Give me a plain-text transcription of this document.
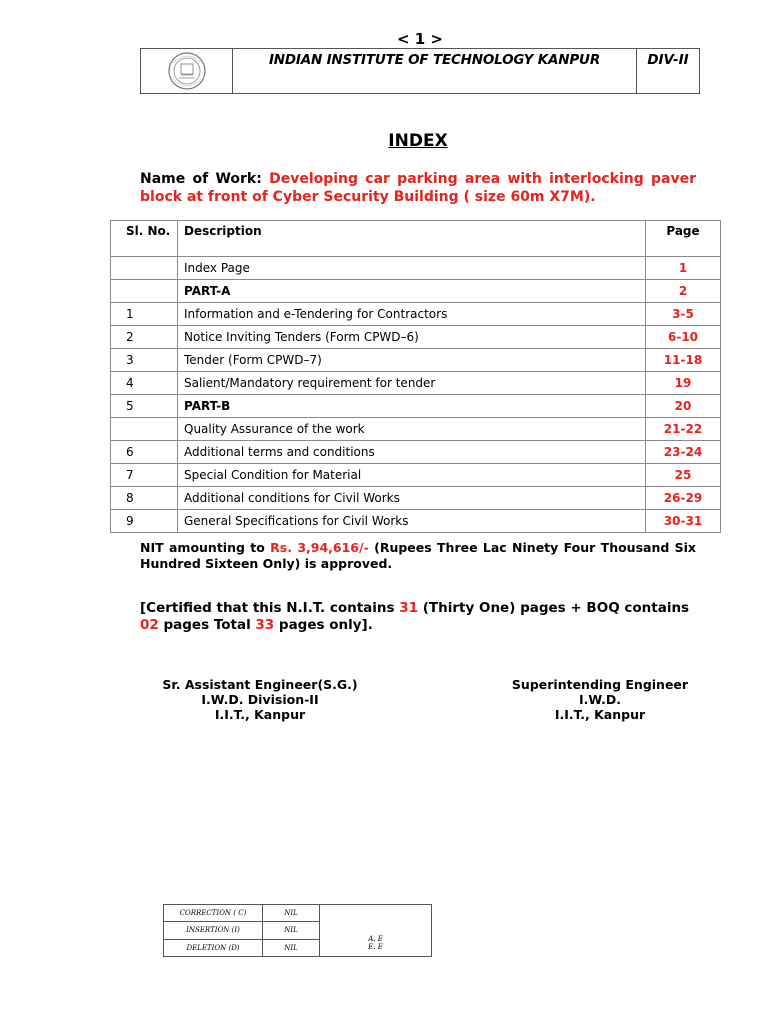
< 1 >
INDIAN INSTITUTE OF TECHNOLOGY KANPUR	DIV-II
INDEX
Name of Work: Developing car parking area with interlocking paver block at front of Cyber Security Building ( size 60m X7M).
Sl. No.	Description	Page
	Index Page	1
	PART-A	2
1	Information and e-Tendering for Contractors	3-5
2	Notice Inviting Tenders (Form CPWD–6)	6-10
3	Tender (Form CPWD–7)	11-18
4	Salient/Mandatory requirement for tender	19
5	PART-B	20
	Quality Assurance of the work	21-22
6	Additional terms and conditions	23-24
7	Special Condition for Material	25
8	Additional conditions for Civil Works	26-29
9	General Specifications for Civil Works	30-31
NIT amounting to Rs. 3,94,616/- (Rupees Three Lac Ninety Four Thousand Six Hundred Sixteen Only) is approved.
[Certified that this N.I.T. contains 31 (Thirty One) pages + BOQ contains 02 pages Total 33 pages only].
Sr. Assistant Engineer(S.G.)
I.W.D. Division-II
I.I.T., Kanpur
Superintending Engineer
I.W.D.
I.I.T., Kanpur
CORRECTION ( C)	NIL	A. E E. E
INSERTION (I)	NIL	
DELETION (D)	NIL	
